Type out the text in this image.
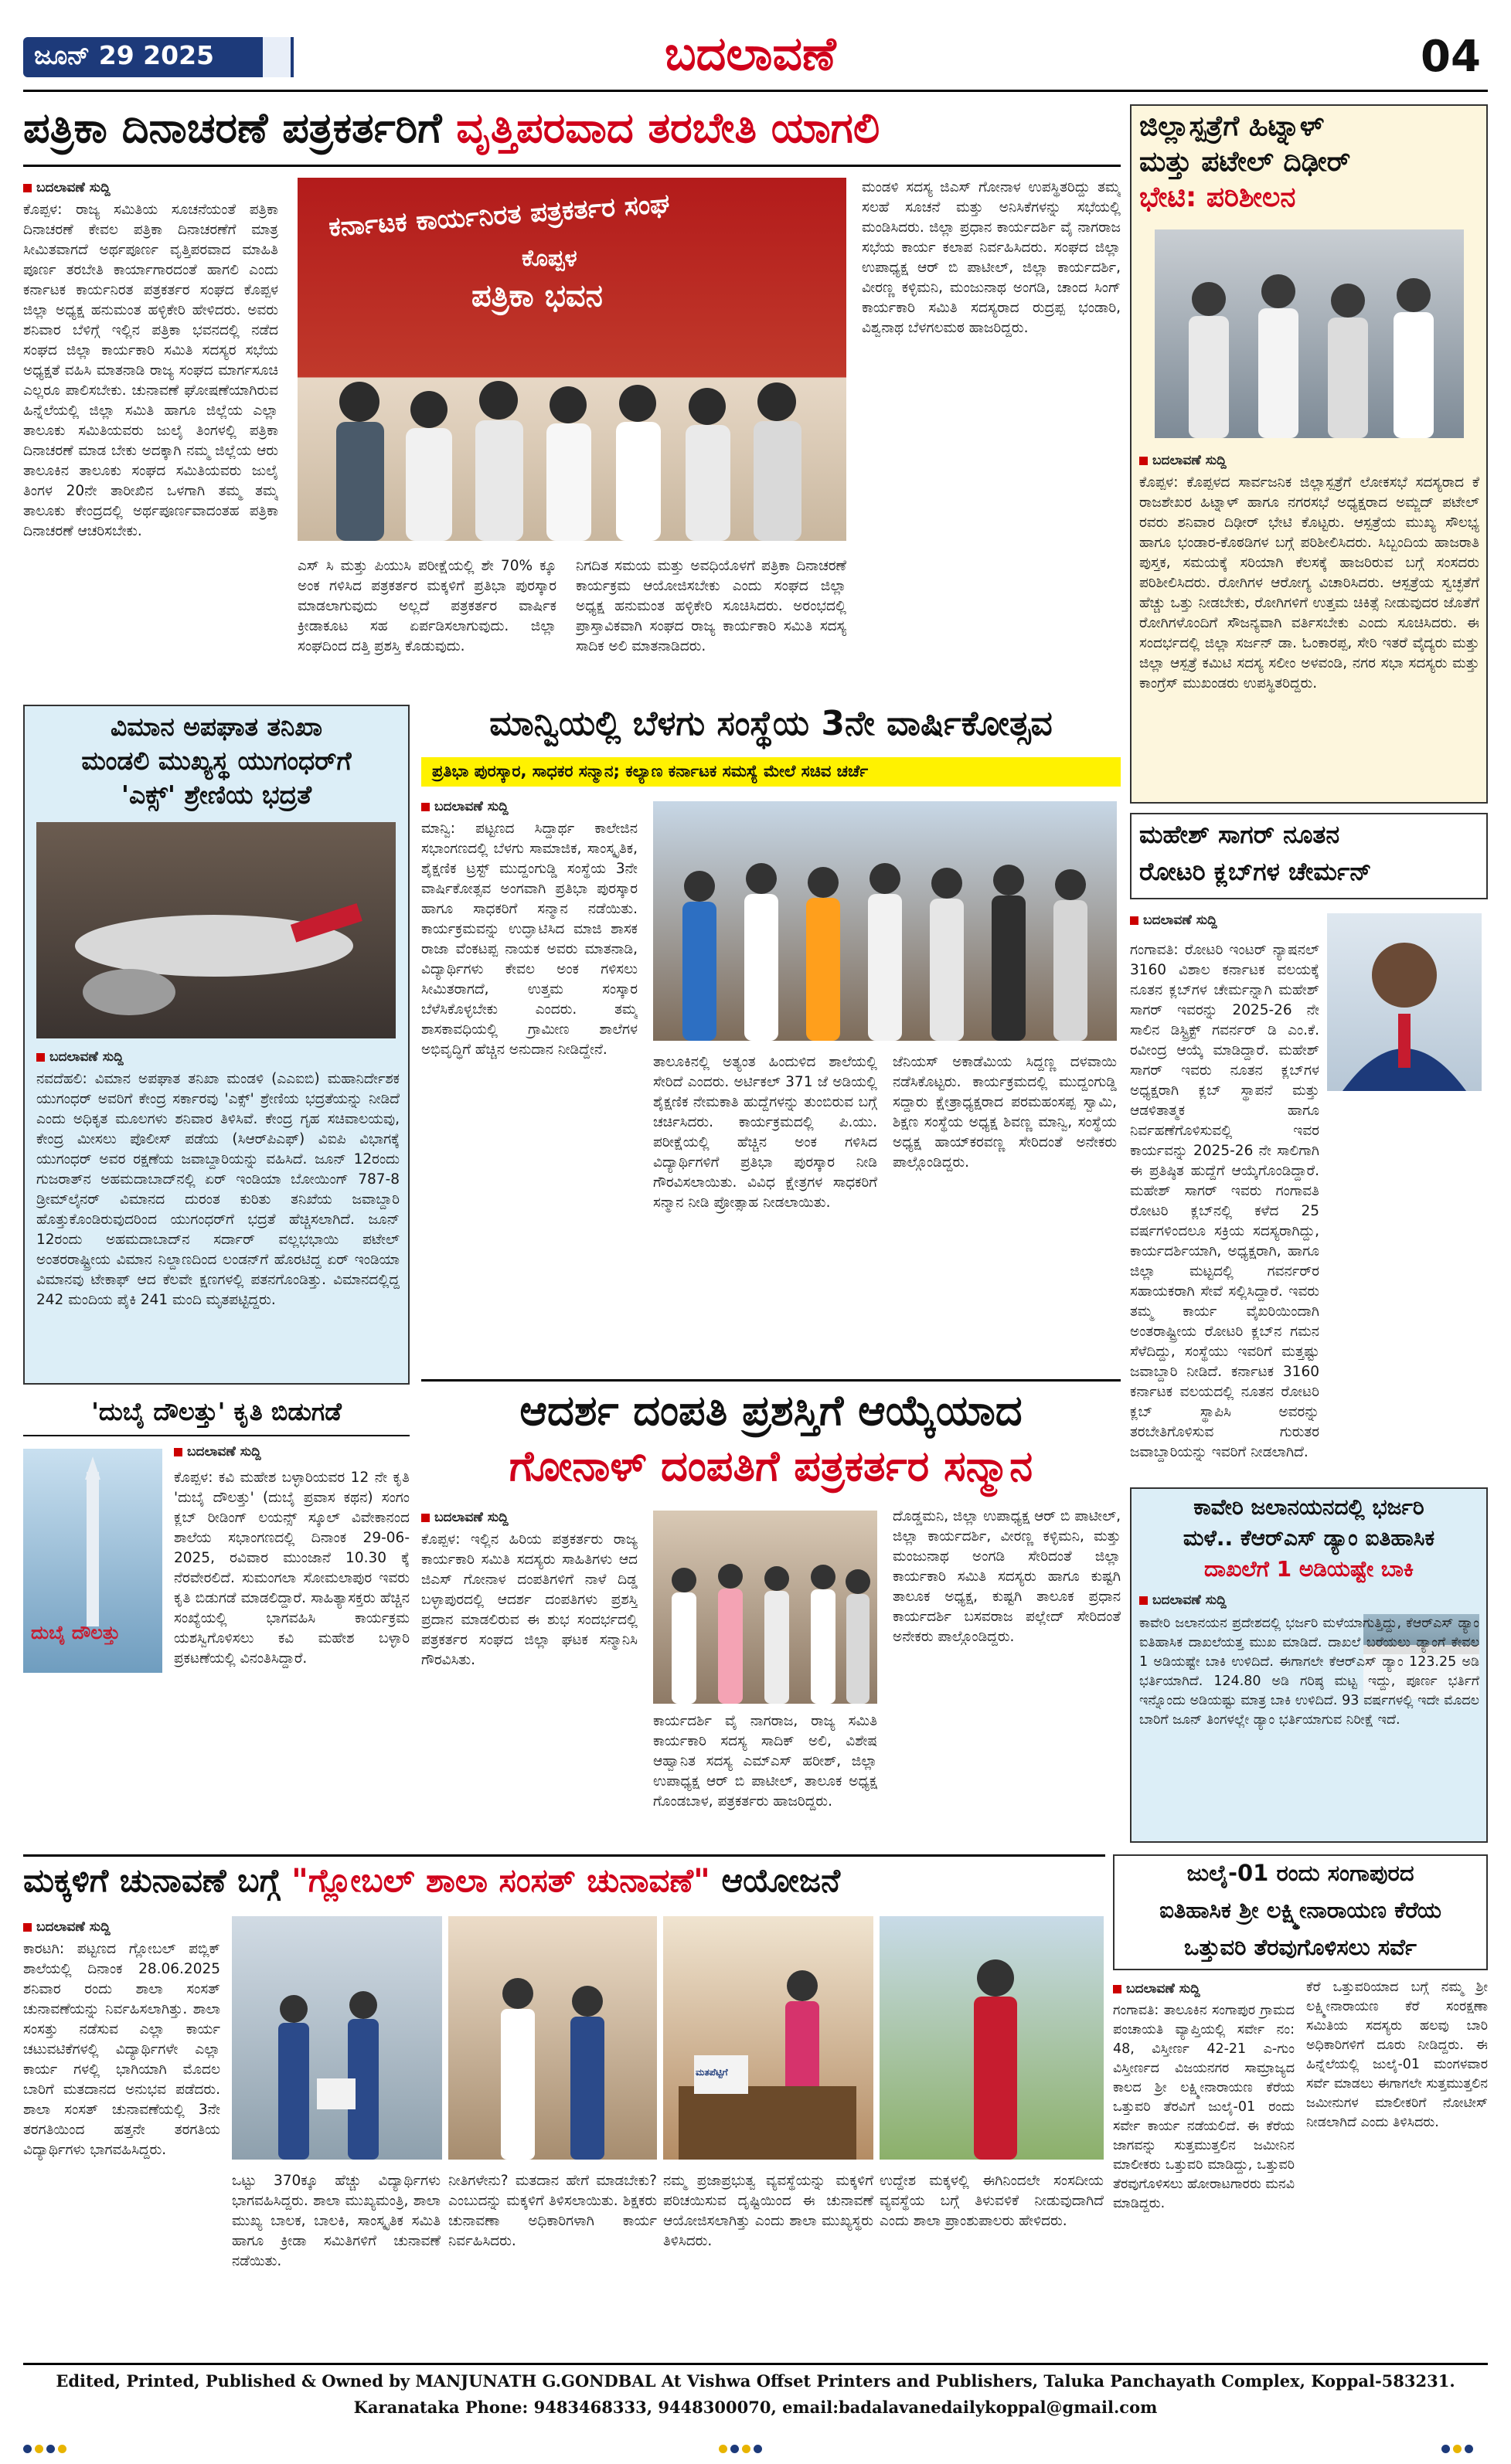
ಜೂನ್ 29 2025	ಬದಲಾವಣೆ	04
ಪತ್ರಿಕಾ ದಿನಾಚರಣೆ ಪತ್ರಕರ್ತರಿಗೆ ವೃತ್ತಿಪರವಾದ ತರಬೇತಿ ಯಾಗಲಿ
ಬದಲಾವಣೆ ಸುದ್ದಿ
ಕೊಪ್ಪಳ: ರಾಜ್ಯ ಸಮಿತಿಯ ಸೂಚನೆಯಂತೆ ಪತ್ರಿಕಾ ದಿನಾಚರಣೆ ಕೇವಲ ಪತ್ರಿಕಾ ದಿನಾಚರಣೆಗೆ ಮಾತ್ರ ಸೀಮಿತವಾಗದೆ ಅರ್ಥಪೂರ್ಣ ವೃತ್ತಿಪರವಾದ ಮಾಹಿತಿ ಪೂರ್ಣ ತರಬೇತಿ ಕಾರ್ಯಾಗಾರದಂತೆ ಹಾಗಲಿ ಎಂದು ಕರ್ನಾಟಕ ಕಾರ್ಯನಿರತ ಪತ್ರಕರ್ತರ ಸಂಘದ ಕೊಪ್ಪಳ ಜಿಲ್ಲಾ ಅಧ್ಯಕ್ಷ ಹನುಮಂತ ಹಳ್ಳಿಕೇರಿ ಹೇಳಿದರು. ಅವರು ಶನಿವಾರ ಬೆಳಿಗ್ಗೆ ಇಲ್ಲಿನ ಪತ್ರಿಕಾ ಭವನದಲ್ಲಿ ನಡೆದ ಸಂಘದ ಜಿಲ್ಲಾ ಕಾರ್ಯಕಾರಿ ಸಮಿತಿ ಸದಸ್ಯರ ಸಭೆಯ ಅಧ್ಯಕ್ಷತೆ ವಹಿಸಿ ಮಾತನಾಡಿ ರಾಜ್ಯ ಸಂಘದ ಮಾರ್ಗಸೂಚಿ ಎಲ್ಲರೂ ಪಾಲಿಸಬೇಕು. ಚುನಾವಣೆ ಘೋಷಣೆಯಾಗಿರುವ ಹಿನ್ನೆಲೆಯಲ್ಲಿ ಜಿಲ್ಲಾ ಸಮಿತಿ ಹಾಗೂ ಜಿಲ್ಲೆಯ ಎಲ್ಲಾ ತಾಲೂಕು ಸಮಿತಿಯವರು ಜುಲೈ ತಿಂಗಳಲ್ಲಿ ಪತ್ರಿಕಾ ದಿನಾಚರಣೆ ಮಾಡ ಬೇಕು ಅದಕ್ಕಾಗಿ ನಮ್ಮ ಜಿಲ್ಲೆಯ ಆರು ತಾಲೂಕಿನ ತಾಲೂಕು ಸಂಘದ ಸಮಿತಿಯವರು ಜುಲೈ ತಿಂಗಳ 20ನೇ ತಾರೀಖಿನ ಒಳಗಾಗಿ ತಮ್ಮ ತಮ್ಮ ತಾಲೂಕು ಕೇಂದ್ರದಲ್ಲಿ ಅರ್ಥಪೂರ್ಣವಾದಂತಹ ಪತ್ರಿಕಾ ದಿನಾಚರಣೆ ಆಚರಿಸಬೇಕು.
ಕರ್ನಾಟಕ ಕಾರ್ಯನಿರತ ಪತ್ರಕರ್ತರ ಸಂಘ
ಕೊಪ್ಪಳ
ಪತ್ರಿಕಾ ಭವನ
ಎಸ್ ಸಿ ಮತ್ತು ಪಿಯುಸಿ ಪರೀಕ್ಷೆಯಲ್ಲಿ ಶೇ 70% ಕ್ಕೂ ಅಂಕ ಗಳಿಸಿದ ಪತ್ರಕರ್ತರ ಮಕ್ಕಳಿಗೆ ಪ್ರತಿಭಾ ಪುರಸ್ಕಾರ ಮಾಡಲಾಗುವುದು ಅಲ್ಲದೆ ಪತ್ರಕರ್ತರ ವಾರ್ಷಿಕ ಕ್ರೀಡಾಕೂಟ ಸಹ ಏರ್ಪಡಿಸಲಾಗುವುದು. ಜಿಲ್ಲಾ ಸಂಘದಿಂದ ದತ್ತಿ ಪ್ರಶಸ್ತಿ ಕೊಡುವುದು.
ನಿಗದಿತ ಸಮಯ ಮತ್ತು ಅವಧಿಯೊಳಗೆ ಪತ್ರಿಕಾ ದಿನಾಚರಣೆ ಕಾರ್ಯಕ್ರಮ ಆಯೋಜಿಸಬೇಕು ಎಂದು ಸಂಘದ ಜಿಲ್ಲಾ ಅಧ್ಯಕ್ಷ ಹನುಮಂತ ಹಳ್ಳಿಕೇರಿ ಸೂಚಿಸಿದರು. ಅರಂಭದಲ್ಲಿ ಪ್ರಾಸ್ತಾವಿಕವಾಗಿ ಸಂಘದ ರಾಜ್ಯ ಕಾರ್ಯಕಾರಿ ಸಮಿತಿ ಸದಸ್ಯ ಸಾದಿಕ ಅಲಿ ಮಾತನಾಡಿದರು.
ಮಂಡಳಿ ಸದಸ್ಯ ಜಿಎಸ್ ಗೋನಾಳ ಉಪಸ್ಥಿತರಿದ್ದು ತಮ್ಮ ಸಲಹೆ ಸೂಚನೆ ಮತ್ತು ಅನಿಸಿಕೆಗಳನ್ನು ಸಭೆಯಲ್ಲಿ ಮಂಡಿಸಿದರು. ಜಿಲ್ಲಾ ಪ್ರಧಾನ ಕಾರ್ಯದರ್ಶಿ ವೈ ನಾಗರಾಜ ಸಭೆಯ ಕಾರ್ಯ ಕಲಾಪ ನಿರ್ವಹಿಸಿದರು. ಸಂಘದ ಜಿಲ್ಲಾ ಉಪಾಧ್ಯಕ್ಷ ಆರ್ ಬಿ ಪಾಟೀಲ್, ಜಿಲ್ಲಾ ಕಾರ್ಯದರ್ಶಿ, ವೀರಣ್ಣ ಕಳ್ಳಿಮನಿ, ಮಂಜುನಾಥ ಅಂಗಡಿ, ಚಾಂದ ಸಿಂಗ್ ಕಾರ್ಯಕಾರಿ ಸಮಿತಿ ಸದಸ್ಯರಾದ ರುದ್ರಪ್ಪ ಭಂಡಾರಿ, ವಿಶ್ವನಾಥ ಬೆಳಗಲಮಠ ಹಾಜರಿದ್ದರು.
ಜಿಲ್ಲಾಸ್ಪತ್ರೆಗೆ ಹಿಟ್ನಾಳ್
ಮತ್ತು ಪಟೇಲ್ ದಿಢೀರ್
ಭೇಟಿ: ಪರಿಶೀಲನ
ಬದಲಾವಣೆ ಸುದ್ದಿ
ಕೊಪ್ಪಳ: ಕೊಪ್ಪಳದ ಸಾರ್ವಜನಿಕ ಜಿಲ್ಲಾಸ್ಪತ್ರೆಗೆ ಲೋಕಸಭೆ ಸದಸ್ಯರಾದ ಕೆ ರಾಜಶೇಖರ ಹಿಟ್ನಾಳ್ ಹಾಗೂ ನಗರಸಭೆ ಅಧ್ಯಕ್ಷರಾದ ಅಮ್ಜದ್ ಪಟೇಲ್ ರವರು ಶನಿವಾರ ದಿಢೀರ್ ಭೇಟಿ ಕೊಟ್ಟರು. ಆಸ್ಪತ್ರೆಯ ಮುಖ್ಯ ಸೌಲಭ್ಯ ಹಾಗೂ ಭಂಡಾರ-ಕೊಠಡಿಗಳ ಬಗ್ಗೆ ಪರಿಶೀಲಿಸಿದರು. ಸಿಬ್ಬಂದಿಯ ಹಾಜರಾತಿ ಪುಸ್ತಕ, ಸಮಯಕ್ಕೆ ಸರಿಯಾಗಿ ಕೆಲಸಕ್ಕೆ ಹಾಜರಿರುವ ಬಗ್ಗೆ ಸಂಸದರು ಪರಿಶೀಲಿಸಿದರು. ರೋಗಿಗಳ ಆರೋಗ್ಯ ವಿಚಾರಿಸಿದರು. ಆಸ್ಪತ್ರೆಯ ಸ್ವಚ್ಛತೆಗೆ ಹೆಚ್ಚು ಒತ್ತು ನೀಡಬೇಕು, ರೋಗಿಗಳಿಗೆ ಉತ್ತಮ ಚಿಕಿತ್ಸೆ ನೀಡುವುದರ ಜೊತೆಗೆ ರೋಗಿಗಳೊಂದಿಗೆ ಸೌಜನ್ಯವಾಗಿ ವರ್ತಿಸಬೇಕು ಎಂದು ಸೂಚಿಸಿದರು. ಈ ಸಂದರ್ಭದಲ್ಲಿ ಜಿಲ್ಲಾ ಸರ್ಜನ್ ಡಾ. ಓಂಕಾರಪ್ಪ, ಸೇರಿ ಇತರೆ ವೈದ್ಯರು ಮತ್ತು ಜಿಲ್ಲಾ ಆಸ್ಪತ್ರೆ ಕಮಿಟಿ ಸದಸ್ಯ ಸಲೀಂ ಅಳವಂಡಿ, ನಗರ ಸಭಾ ಸದಸ್ಯರು ಮತ್ತು ಕಾಂಗ್ರೆಸ್ ಮುಖಂಡರು ಉಪಸ್ಥಿತರಿದ್ದರು.
ವಿಮಾನ ಅಪಘಾತ ತನಿಖಾ
ಮಂಡಲಿ ಮುಖ್ಯಸ್ಥ ಯುಗಂಧರ್‌ಗೆ
'ಎಕ್ಸ್' ಶ್ರೇಣಿಯ ಭದ್ರತೆ
ಬದಲಾವಣೆ ಸುದ್ದಿ
ನವದೆಹಲಿ: ವಿಮಾನ ಅಪಘಾತ ತನಿಖಾ ಮಂಡಳಿ (ಎಎಐಬಿ) ಮಹಾನಿರ್ದೇಶಕ ಯುಗಂಧರ್ ಅವರಿಗೆ ಕೇಂದ್ರ ಸರ್ಕಾರವು 'ಎಕ್ಸ್' ಶ್ರೇಣಿಯ ಭದ್ರತೆಯನ್ನು ನೀಡಿದೆ ಎಂದು ಅಧಿಕೃತ ಮೂಲಗಳು ಶನಿವಾರ ತಿಳಿಸಿವೆ. ಕೇಂದ್ರ ಗೃಹ ಸಚಿವಾಲಯವು, ಕೇಂದ್ರ ಮೀಸಲು ಪೊಲೀಸ್ ಪಡೆಯ (ಸಿಆರ್‌ಪಿಎಫ್) ವಿಐಪಿ ವಿಭಾಗಕ್ಕೆ ಯುಗಂಧರ್ ಅವರ ರಕ್ಷಣೆಯ ಜವಾಬ್ದಾರಿಯನ್ನು ವಹಿಸಿದೆ. ಜೂನ್ 12ರಂದು ಗುಜರಾತ್‌ನ ಅಹಮದಾಬಾದ್‌ನಲ್ಲಿ ಏರ್ ಇಂಡಿಯಾ ಬೋಯಿಂಗ್ 787-8 ಡ್ರೀಮ್‌ಲೈನರ್ ವಿಮಾನದ ದುರಂತ ಕುರಿತು ತನಿಖೆಯ ಜವಾಬ್ದಾರಿ ಹೊತ್ತುಕೊಂಡಿರುವುದರಿಂದ ಯುಗಂಧರ್‌ಗೆ ಭದ್ರತೆ ಹೆಚ್ಚಿಸಲಾಗಿದೆ. ಜೂನ್ 12ರಂದು ಅಹಮದಾಬಾದ್‌ನ ಸರ್ದಾರ್ ವಲ್ಲಭಭಾಯಿ ಪಟೇಲ್ ಅಂತರರಾಷ್ಟ್ರೀಯ ವಿಮಾನ ನಿಲ್ದಾಣದಿಂದ ಲಂಡನ್‌ಗೆ ಹೊರಟಿದ್ದ ಏರ್ ಇಂಡಿಯಾ ವಿಮಾನವು ಟೇಕಾಫ್ ಆದ ಕೆಲವೇ ಕ್ಷಣಗಳಲ್ಲಿ ಪತನಗೊಂಡಿತ್ತು. ವಿಮಾನದಲ್ಲಿದ್ದ 242 ಮಂದಿಯ ಪೈಕಿ 241 ಮಂದಿ ಮೃತಪಟ್ಟಿದ್ದರು.
ಮಾನ್ವಿಯಲ್ಲಿ ಬೆಳಗು ಸಂಸ್ಥೆಯ 3ನೇ ವಾರ್ಷಿಕೋತ್ಸವ
ಪ್ರತಿಭಾ ಪುರಸ್ಕಾರ, ಸಾಧಕರ ಸನ್ಮಾನ; ಕಲ್ಯಾಣ ಕರ್ನಾಟಕ ಸಮಸ್ಯೆ ಮೇಲೆ ಸಚಿವ ಚರ್ಚೆ
ಬದಲಾವಣೆ ಸುದ್ದಿ
ಮಾನ್ವಿ: ಪಟ್ಟಣದ ಸಿದ್ದಾರ್ಥ ಕಾಲೇಜಿನ ಸಭಾಂಗಣದಲ್ಲಿ ಬೆಳಗು ಸಾಮಾಜಿಕ, ಸಾಂಸ್ಕೃತಿಕ, ಶೈಕ್ಷಣಿಕ ಟ್ರಸ್ಟ್ ಮುದ್ದಂಗುಡ್ಡಿ ಸಂಸ್ಥೆಯ 3ನೇ ವಾರ್ಷಿಕೋತ್ಸವ ಅಂಗವಾಗಿ ಪ್ರತಿಭಾ ಪುರಸ್ಕಾರ ಹಾಗೂ ಸಾಧಕರಿಗೆ ಸನ್ಮಾನ ನಡೆಯಿತು. ಕಾರ್ಯಕ್ರಮವನ್ನು ಉದ್ಘಾಟಿಸಿದ ಮಾಜಿ ಶಾಸಕ ರಾಜಾ ವೆಂಕಟಪ್ಪ ನಾಯಕ ಅವರು ಮಾತನಾಡಿ, ವಿದ್ಯಾರ್ಥಿಗಳು ಕೇವಲ ಅಂಕ ಗಳಿಸಲು ಸೀಮಿತರಾಗದೆ, ಉತ್ತಮ ಸಂಸ್ಕಾರ ಬೆಳೆಸಿಕೊಳ್ಳಬೇಕು ಎಂದರು. ತಮ್ಮ ಶಾಸಕಾವಧಿಯಲ್ಲಿ ಗ್ರಾಮೀಣ ಶಾಲೆಗಳ ಅಭಿವೃದ್ಧಿಗೆ ಹೆಚ್ಚಿನ ಅನುದಾನ ನೀಡಿದ್ದೇನೆ.
ತಾಲೂಕಿನಲ್ಲಿ ಅತ್ಯಂತ ಹಿಂದುಳಿದ ಶಾಲೆಯಲ್ಲಿ ಸೇರಿದೆ ಎಂದರು. ಅರ್ಟಿಕಲ್ 371 ಜೆ ಅಡಿಯಲ್ಲಿ ಶೈಕ್ಷಣಿಕ ನೇಮಕಾತಿ ಹುದ್ದೆಗಳನ್ನು ತುಂಬಿರುವ ಬಗ್ಗೆ ಚರ್ಚಿಸಿದರು. ಕಾರ್ಯಕ್ರಮದಲ್ಲಿ ಪಿ.ಯು. ಪರೀಕ್ಷೆಯಲ್ಲಿ ಹೆಚ್ಚಿನ ಅಂಕ ಗಳಿಸಿದ ವಿದ್ಯಾರ್ಥಿಗಳಿಗೆ ಪ್ರತಿಭಾ ಪುರಸ್ಕಾರ ನೀಡಿ ಗೌರವಿಸಲಾಯಿತು. ವಿವಿಧ ಕ್ಷೇತ್ರಗಳ ಸಾಧಕರಿಗೆ ಸನ್ಮಾನ ನೀಡಿ ಪ್ರೋತ್ಸಾಹ ನೀಡಲಾಯಿತು.
ಜೆನಿಯಸ್ ಅಕಾಡೆಮಿಯ ಸಿದ್ದಣ್ಣ ದಳವಾಯಿ ನಡೆಸಿಕೊಟ್ಟರು. ಕಾರ್ಯಕ್ರಮದಲ್ಲಿ ಮುದ್ದಂಗುಡ್ಡಿ ಸದ್ದಾರು ಕ್ಷೇತ್ರಾಧ್ಯಕ್ಷರಾದ ಪರಮಹಂಸಪ್ಪ ಸ್ವಾಮಿ, ಶಿಕ್ಷಣ ಸಂಸ್ಥೆಯ ಅಧ್ಯಕ್ಷ ಶಿವಣ್ಣ ಮಾನ್ವಿ, ಸಂಸ್ಥೆಯ ಅಧ್ಯಕ್ಷ ಹಾಯ್‌ಕರವಣ್ಣ ಸೇರಿದಂತೆ ಅನೇಕರು ಪಾಲ್ಗೊಂಡಿದ್ದರು.
ಮಹೇಶ್ ಸಾಗರ್ ನೂತನ
ರೋಟರಿ ಕ್ಲಬ್‌ಗಳ ಚೇರ್ಮನ್
ಬದಲಾವಣೆ ಸುದ್ದಿ
ಗಂಗಾವತಿ: ರೋಟರಿ ಇಂಟರ್ ನ್ಯಾಷನಲ್ 3160 ವಿಶಾಲ ಕರ್ನಾಟಕ ವಲಯಕ್ಕೆ ನೂತನ ಕ್ಲಬ್‌ಗಳ ಚೇರ್ಮನ್ನಾಗಿ ಮಹೇಶ್ ಸಾಗರ್ ಇವರನ್ನು 2025-26 ನೇ ಸಾಲಿನ ಡಿಸ್ಟ್ರಿಕ್ಟ್ ಗವರ್ನರ್ ಡಿ ಎಂ.ಕೆ. ರವೀಂದ್ರ ಆಯ್ಕೆ ಮಾಡಿದ್ದಾರೆ. ಮಹೇಶ್ ಸಾಗರ್ ಇವರು ನೂತನ ಕ್ಲಬ್‌ಗಳ ಅಧ್ಯಕ್ಷರಾಗಿ ಕ್ಲಬ್ ಸ್ಥಾಪನೆ ಮತ್ತು ಆಡಳಿತಾತ್ಮಕ ಹಾಗೂ ನಿರ್ವಹಣೆಗೊಳಿಸುವಲ್ಲಿ ಇವರ ಕಾರ್ಯವನ್ನು 2025-26 ನೇ ಸಾಲಿಗಾಗಿ ಈ ಪ್ರತಿಷ್ಠಿತ ಹುದ್ದೆಗೆ ಆಯ್ಕೆಗೊಂಡಿದ್ದಾರೆ. ಮಹೇಶ್ ಸಾಗರ್ ಇವರು ಗಂಗಾವತಿ ರೋಟರಿ ಕ್ಲಬ್‌ನಲ್ಲಿ ಕಳೆದ 25 ವರ್ಷಗಳಿಂದಲೂ ಸಕ್ರಿಯ ಸದಸ್ಯರಾಗಿದ್ದು, ಕಾರ್ಯದರ್ಶಿಯಾಗಿ, ಅಧ್ಯಕ್ಷರಾಗಿ, ಹಾಗೂ ಜಿಲ್ಲಾ ಮಟ್ಟದಲ್ಲಿ ಗವರ್ನರ್‌ರ ಸಹಾಯಕರಾಗಿ ಸೇವೆ ಸಲ್ಲಿಸಿದ್ದಾರೆ. ಇವರು ತಮ್ಮ ಕಾರ್ಯ ವೈಖರಿಯಿಂದಾಗಿ ಅಂತರಾಷ್ಟ್ರೀಯ ರೋಟರಿ ಕ್ಲಬ್‌ನ ಗಮನ ಸೆಳೆದಿದ್ದು, ಸಂಸ್ಥೆಯು ಇವರಿಗೆ ಮತ್ತಷ್ಟು ಜವಾಬ್ದಾರಿ ನೀಡಿದೆ. ಕರ್ನಾಟಕ 3160 ಕರ್ನಾಟಕ ವಲಯದಲ್ಲಿ ನೂತನ ರೋಟರಿ ಕ್ಲಬ್ ಸ್ಥಾಪಿಸಿ ಅವರನ್ನು ತರಬೇತಿಗೊಳಿಸುವ ಗುರುತರ ಜವಾಬ್ದಾರಿಯನ್ನು ಇವರಿಗೆ ನೀಡಲಾಗಿದೆ.
'ದುಬೈ ದೌಲತ್ತು' ಕೃತಿ ಬಿಡುಗಡೆ
ದುಬೈ ದೌಲತ್ತು
ಬದಲಾವಣೆ ಸುದ್ದಿ
ಕೊಪ್ಪಳ: ಕವಿ ಮಹೇಶ ಬಳ್ಳಾರಿಯವರ 12 ನೇ ಕೃತಿ 'ದುಬೈ ದೌಲತ್ತು' (ದುಬೈ ಪ್ರವಾಸ ಕಥನ) ಸಂಗಂ ಕ್ಲಬ್ ರೀಡಿಂಗ್ ಲಯನ್ಸ್ ಸ್ಕೂಲ್ ವಿವೇಕಾನಂದ ಶಾಲೆಯ ಸಭಾಂಗಣದಲ್ಲಿ ದಿನಾಂಕ 29-06-2025, ರವಿವಾರ ಮುಂಜಾನೆ 10.30 ಕ್ಕೆ ನೆರವೇರಲಿದೆ. ಸುಮಂಗಲಾ ಸೋಮಲಾಪುರ ಇವರು ಕೃತಿ ಬಿಡುಗಡೆ ಮಾಡಲಿದ್ದಾರೆ. ಸಾಹಿತ್ಯಾಸಕ್ತರು ಹೆಚ್ಚಿನ ಸಂಖ್ಯೆಯಲ್ಲಿ ಭಾಗವಹಿಸಿ ಕಾರ್ಯಕ್ರಮ ಯಶಸ್ವಿಗೊಳಿಸಲು ಕವಿ ಮಹೇಶ ಬಳ್ಳಾರಿ ಪ್ರಕಟಣೆಯಲ್ಲಿ ವಿನಂತಿಸಿದ್ದಾರೆ.
ಆದರ್ಶ ದಂಪತಿ ಪ್ರಶಸ್ತಿಗೆ ಆಯ್ಕೆಯಾದ
ಗೋನಾಳ್ ದಂಪತಿಗೆ ಪತ್ರಕರ್ತರ ಸನ್ಮಾನ
ಬದಲಾವಣೆ ಸುದ್ದಿ
ಕೊಪ್ಪಳ: ಇಲ್ಲಿನ ಹಿರಿಯ ಪತ್ರಕರ್ತರು ರಾಜ್ಯ ಕಾರ್ಯಕಾರಿ ಸಮಿತಿ ಸದಸ್ಯರು ಸಾಹಿತಿಗಳು ಆದ ಜಿಎಸ್ ಗೋನಾಳ ದಂಪತಿಗಳಿಗೆ ನಾಳೆ ದಿಡ್ಡ ಬಳ್ಳಾಪುರದಲ್ಲಿ ಆದರ್ಶ ದಂಪತಿಗಳು ಪ್ರಶಸ್ತಿ ಪ್ರದಾನ ಮಾಡಲಿರುವ ಈ ಶುಭ ಸಂದರ್ಭದಲ್ಲಿ ಪತ್ರಕರ್ತರ ಸಂಘದ ಜಿಲ್ಲಾ ಘಟಕ ಸನ್ಮಾನಿಸಿ ಗೌರವಿಸಿತು.
ಕಾರ್ಯದರ್ಶಿ ವೈ ನಾಗರಾಜ, ರಾಜ್ಯ ಸಮಿತಿ ಕಾರ್ಯಕಾರಿ ಸದಸ್ಯ ಸಾದಿಕ್ ಅಲಿ, ವಿಶೇಷ ಆಹ್ವಾನಿತ ಸದಸ್ಯ ಎಮ್‌ಎಸ್ ಹರೀಶ್, ಜಿಲ್ಲಾ ಉಪಾಧ್ಯಕ್ಷ ಆರ್ ಬಿ ಪಾಟೀಲ್, ತಾಲೂಕ ಅಧ್ಯಕ್ಷ ಗೊಂಡಬಾಳ, ಪತ್ರಕರ್ತರು ಹಾಜರಿದ್ದರು.
ದೊಡ್ಡಮನಿ, ಜಿಲ್ಲಾ ಉಪಾಧ್ಯಕ್ಷ ಆರ್ ಬಿ ಪಾಟೀಲ್, ಜಿಲ್ಲಾ ಕಾರ್ಯದರ್ಶಿ, ವೀರಣ್ಣ ಕಳ್ಳಿಮನಿ, ಮತ್ತು ಮಂಜುನಾಥ ಅಂಗಡಿ ಸೇರಿದಂತೆ ಜಿಲ್ಲಾ ಕಾರ್ಯಕಾರಿ ಸಮಿತಿ ಸದಸ್ಯರು ಹಾಗೂ ಕುಷ್ಟಗಿ ತಾಲೂಕ ಅಧ್ಯಕ್ಷ, ಕುಷ್ಟಗಿ ತಾಲೂಕ ಪ್ರಧಾನ ಕಾರ್ಯದರ್ಶಿ ಬಸವರಾಜ ಪಲ್ಲೇದ್ ಸೇರಿದಂತೆ ಅನೇಕರು ಪಾಲ್ಗೊಂಡಿದ್ದರು.
ಕಾವೇರಿ ಜಲಾನಯನದಲ್ಲಿ ಭರ್ಜರಿ
ಮಳೆ.. ಕೆಆರ್‌ಎಸ್ ಡ್ಯಾಂ ಐತಿಹಾಸಿಕ
ದಾಖಲೆಗೆ 1 ಅಡಿಯಷ್ಟೇ ಬಾಕಿ
ಬದಲಾವಣೆ ಸುದ್ದಿ
ಕಾವೇರಿ ಜಲಾನಯನ ಪ್ರದೇಶದಲ್ಲಿ ಭರ್ಜರಿ ಮಳೆಯಾಗುತ್ತಿದ್ದು, ಕೆಆರ್‌ಎಸ್ ಡ್ಯಾಂ ಐತಿಹಾಸಿಕ ದಾಖಲೆಯತ್ತ ಮುಖ ಮಾಡಿದೆ. ದಾಖಲೆ ಬರೆಯಲು ಡ್ಯಾಂಗೆ ಕೇವಲ 1 ಅಡಿಯಷ್ಟೇ ಬಾಕಿ ಉಳಿದಿದೆ. ಈಗಾಗಲೇ ಕೆಆರ್‌ಎಸ್ ಡ್ಯಾಂ 123.25 ಅಡಿ ಭರ್ತಿಯಾಗಿದೆ. 124.80 ಅಡಿ ಗರಿಷ್ಠ ಮಟ್ಟ ಇದ್ದು, ಪೂರ್ಣ ಭರ್ತಿಗೆ ಇನ್ನೊಂದು ಅಡಿಯಷ್ಟು ಮಾತ್ರ ಬಾಕಿ ಉಳಿದಿದೆ. 93 ವರ್ಷಗಳಲ್ಲಿ ಇದೇ ಮೊದಲ ಬಾರಿಗೆ ಜೂನ್ ತಿಂಗಳಲ್ಲೇ ಡ್ಯಾಂ ಭರ್ತಿಯಾಗುವ ನಿರೀಕ್ಷೆ ಇದೆ.
ಮಕ್ಕಳಿಗೆ ಚುನಾವಣೆ ಬಗ್ಗೆ "ಗ್ಲೋಬಲ್ ಶಾಲಾ ಸಂಸತ್ ಚುನಾವಣೆ" ಆಯೋಜನೆ
ಬದಲಾವಣೆ ಸುದ್ದಿ
ಕಾರಟಗಿ: ಪಟ್ಟಣದ ಗ್ಲೋಬಲ್ ಪಬ್ಲಿಕ್ ಶಾಲೆಯಲ್ಲಿ ದಿನಾಂಕ 28.06.2025 ಶನಿವಾರ ರಂದು ಶಾಲಾ ಸಂಸತ್ ಚುನಾವಣೆಯನ್ನು ನಿರ್ವಹಿಸಲಾಗಿತ್ತು. ಶಾಲಾ ಸಂಸತ್ತು ನಡೆಸುವ ಎಲ್ಲಾ ಕಾರ್ಯ ಚಟುವಟಿಕೆಗಳಲ್ಲಿ ವಿದ್ಯಾರ್ಥಿಗಳೇ ಎಲ್ಲಾ ಕಾರ್ಯ ಗಳಲ್ಲಿ ಭಾಗಿಯಾಗಿ ಮೊದಲ ಬಾರಿಗೆ ಮತದಾನದ ಅನುಭವ ಪಡೆದರು. ಶಾಲಾ ಸಂಸತ್ ಚುನಾವಣೆಯಲ್ಲಿ 3ನೇ ತರಗತಿಯಿಂದ ಹತ್ತನೇ ತರಗತಿಯ ವಿದ್ಯಾರ್ಥಿಗಳು ಭಾಗವಹಿಸಿದ್ದರು.
ಮತಪೆಟ್ಟಿಗೆ
ಒಟ್ಟು 370ಕ್ಕೂ ಹೆಚ್ಚು ವಿದ್ಯಾರ್ಥಿಗಳು ಭಾಗವಹಿಸಿದ್ದರು. ಶಾಲಾ ಮುಖ್ಯಮಂತ್ರಿ, ಶಾಲಾ ಮುಖ್ಯ ಬಾಲಕ, ಬಾಲಕಿ, ಸಾಂಸ್ಕೃತಿಕ ಸಮಿತಿ ಹಾಗೂ ಕ್ರೀಡಾ ಸಮಿತಿಗಳಿಗೆ ಚುನಾವಣೆ ನಡೆಯಿತು.
ನೀತಿಗಳೇನು? ಮತದಾನ ಹೇಗೆ ಮಾಡಬೇಕು? ಎಂಬುದನ್ನು ಮಕ್ಕಳಿಗೆ ತಿಳಿಸಲಾಯಿತು. ಶಿಕ್ಷಕರು ಚುನಾವಣಾ ಅಧಿಕಾರಿಗಳಾಗಿ ಕಾರ್ಯ ನಿರ್ವಹಿಸಿದರು.
ನಮ್ಮ ಪ್ರಜಾಪ್ರಭುತ್ವ ವ್ಯವಸ್ಥೆಯನ್ನು ಮಕ್ಕಳಿಗೆ ಪರಿಚಯಿಸುವ ದೃಷ್ಟಿಯಿಂದ ಈ ಚುನಾವಣೆ ಆಯೋಜಿಸಲಾಗಿತ್ತು ಎಂದು ಶಾಲಾ ಮುಖ್ಯಸ್ಥರು ತಿಳಿಸಿದರು.
ಉದ್ದೇಶ ಮಕ್ಕಳಲ್ಲಿ ಈಗಿನಿಂದಲೇ ಸಂಸದೀಯ ವ್ಯವಸ್ಥೆಯ ಬಗ್ಗೆ ತಿಳುವಳಿಕೆ ನೀಡುವುದಾಗಿದೆ ಎಂದು ಶಾಲಾ ಪ್ರಾಂಶುಪಾಲರು ಹೇಳಿದರು.
ಜುಲೈ-01 ರಂದು ಸಂಗಾಪುರದ
ಐತಿಹಾಸಿಕ ಶ್ರೀ ಲಕ್ಷ್ಮೀನಾರಾಯಣ ಕೆರೆಯ
ಒತ್ತುವರಿ ತೆರವುಗೊಳಿಸಲು ಸರ್ವೆ
ಬದಲಾವಣೆ ಸುದ್ದಿ
ಗಂಗಾವತಿ: ತಾಲೂಕಿನ ಸಂಗಾಪುರ ಗ್ರಾಮದ ಪಂಚಾಯತಿ ವ್ಯಾಪ್ತಿಯಲ್ಲಿ ಸರ್ವೇ ನಂ: 48, ವಿಸ್ತೀರ್ಣ 42-21 ಎ-ಗುಂ ವಿಸ್ತೀರ್ಣದ ವಿಜಯನಗರ ಸಾಮ್ರಾಜ್ಯದ ಕಾಲದ ಶ್ರೀ ಲಕ್ಷ್ಮೀನಾರಾಯಣ ಕೆರೆಯ ಒತ್ತುವರಿ ತೆರವಿಗೆ ಜುಲೈ-01 ರಂದು ಸರ್ವೇ ಕಾರ್ಯ ನಡೆಯಲಿದೆ. ಈ ಕೆರೆಯ ಜಾಗವನ್ನು ಸುತ್ತಮುತ್ತಲಿನ ಜಮೀನಿನ ಮಾಲೀಕರು ಒತ್ತುವರಿ ಮಾಡಿದ್ದು, ಒತ್ತುವರಿ ತೆರವುಗೊಳಿಸಲು ಹೋರಾಟಗಾರರು ಮನವಿ ಮಾಡಿದ್ದರು.
ಕೆರೆ ಒತ್ತುವರಿಯಾದ ಬಗ್ಗೆ ನಮ್ಮ ಶ್ರೀ ಲಕ್ಷ್ಮೀನಾರಾಯಣ ಕೆರೆ ಸಂರಕ್ಷಣಾ ಸಮಿತಿಯ ಸದಸ್ಯರು ಹಲವು ಬಾರಿ ಅಧಿಕಾರಿಗಳಿಗೆ ದೂರು ನೀಡಿದ್ದರು. ಈ ಹಿನ್ನೆಲೆಯಲ್ಲಿ ಜುಲೈ-01 ಮಂಗಳವಾರ ಸರ್ವೆ ಮಾಡಲು ಈಗಾಗಲೇ ಸುತ್ತಮುತ್ತಲಿನ ಜಮೀನುಗಳ ಮಾಲೀಕರಿಗೆ ನೋಟೀಸ್ ನೀಡಲಾಗಿದೆ ಎಂದು ತಿಳಿಸಿದರು.
Edited, Printed, Published & Owned by MANJUNATH G.GONDBAL At Vishwa Offset Printers and Publishers, Taluka Panchayath Complex, Koppal-583231.
Karanataka Phone: 9483468333, 9448300070, email:badalavanedailykoppal@gmail.com
